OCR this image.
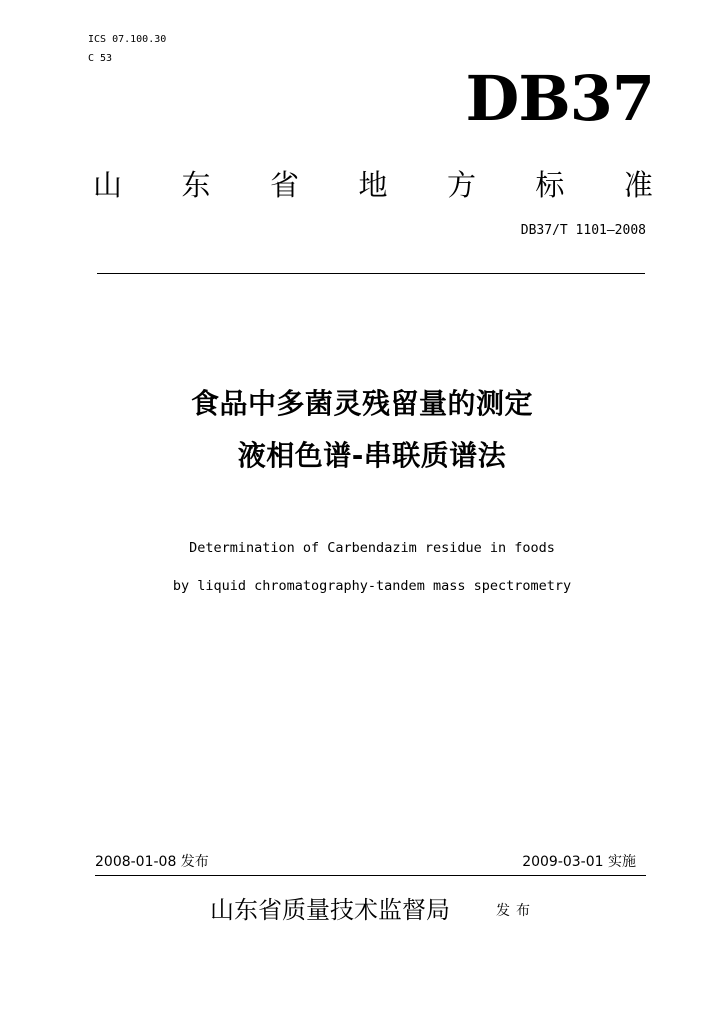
ICS 07.100.30
C 53
DB37
山 东 省 地 方 标 准
DB37/T 1101—2008
食品中多菌灵残留量的测定
液相色谱-串联质谱法
Determination of Carbendazim residue in foods
by liquid chromatography-tandem mass spectrometry
2008-01-08 发布	2009-03-01 实施
山东省质量技术监督局	发布
